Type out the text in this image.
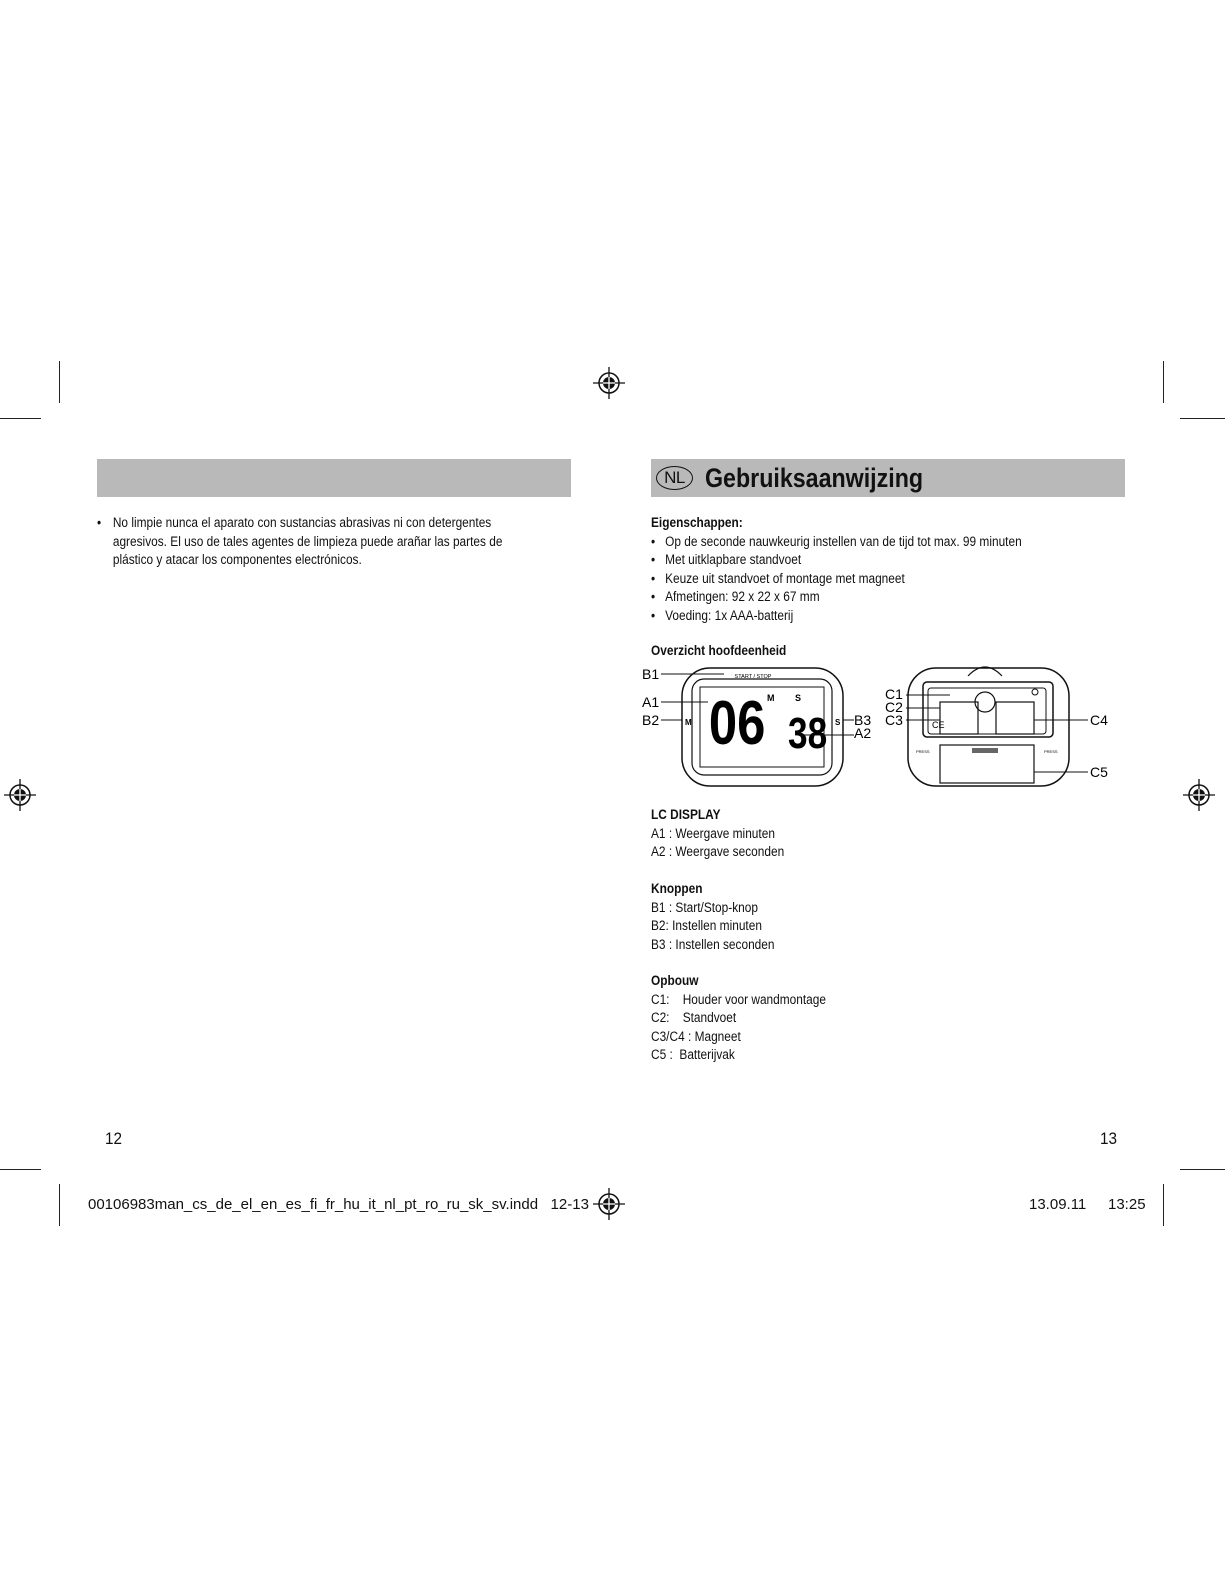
• No limpie nunca el aparato con sustancias abrasivas ni con detergentes
agresivos. El uso de tales agentes de limpieza puede arañar las partes de
plástico y atacar los componentes electrónicos.
12
NL Gebruiksaanwijzing
Eigenschappen:
• Op de seconde nauwkeurig instellen van de tijd tot max. 99 minuten
• Met uitklapbare standvoet
• Keuze uit standvoet of montage met magneet
• Afmetingen: 92 x 22 x 67 mm
• Voeding: 1x AAA-batterij
Overzicht hoofdeenheid
START / STOP
06 38
M S
M	S
B1
A1
B2	B3
A2	CE
PRESS	PRESS
C1
C2
C3	C4
C5
LC DISPLAY
A1 : Weergave minuten
A2 : Weergave seconden
Knoppen
B1 : Start/Stop-knop
B2: Instellen minuten
B3 : Instellen seconden
Opbouw
C1:    Houder voor wandmontage
C2:    Standvoet
C3/C4 : Magneet
C5 :  Batterijvak
13
00106983man_cs_de_el_en_es_fi_fr_hu_it_nl_pt_ro_ru_sk_sv.indd   12-13	13.09.11 13:25
